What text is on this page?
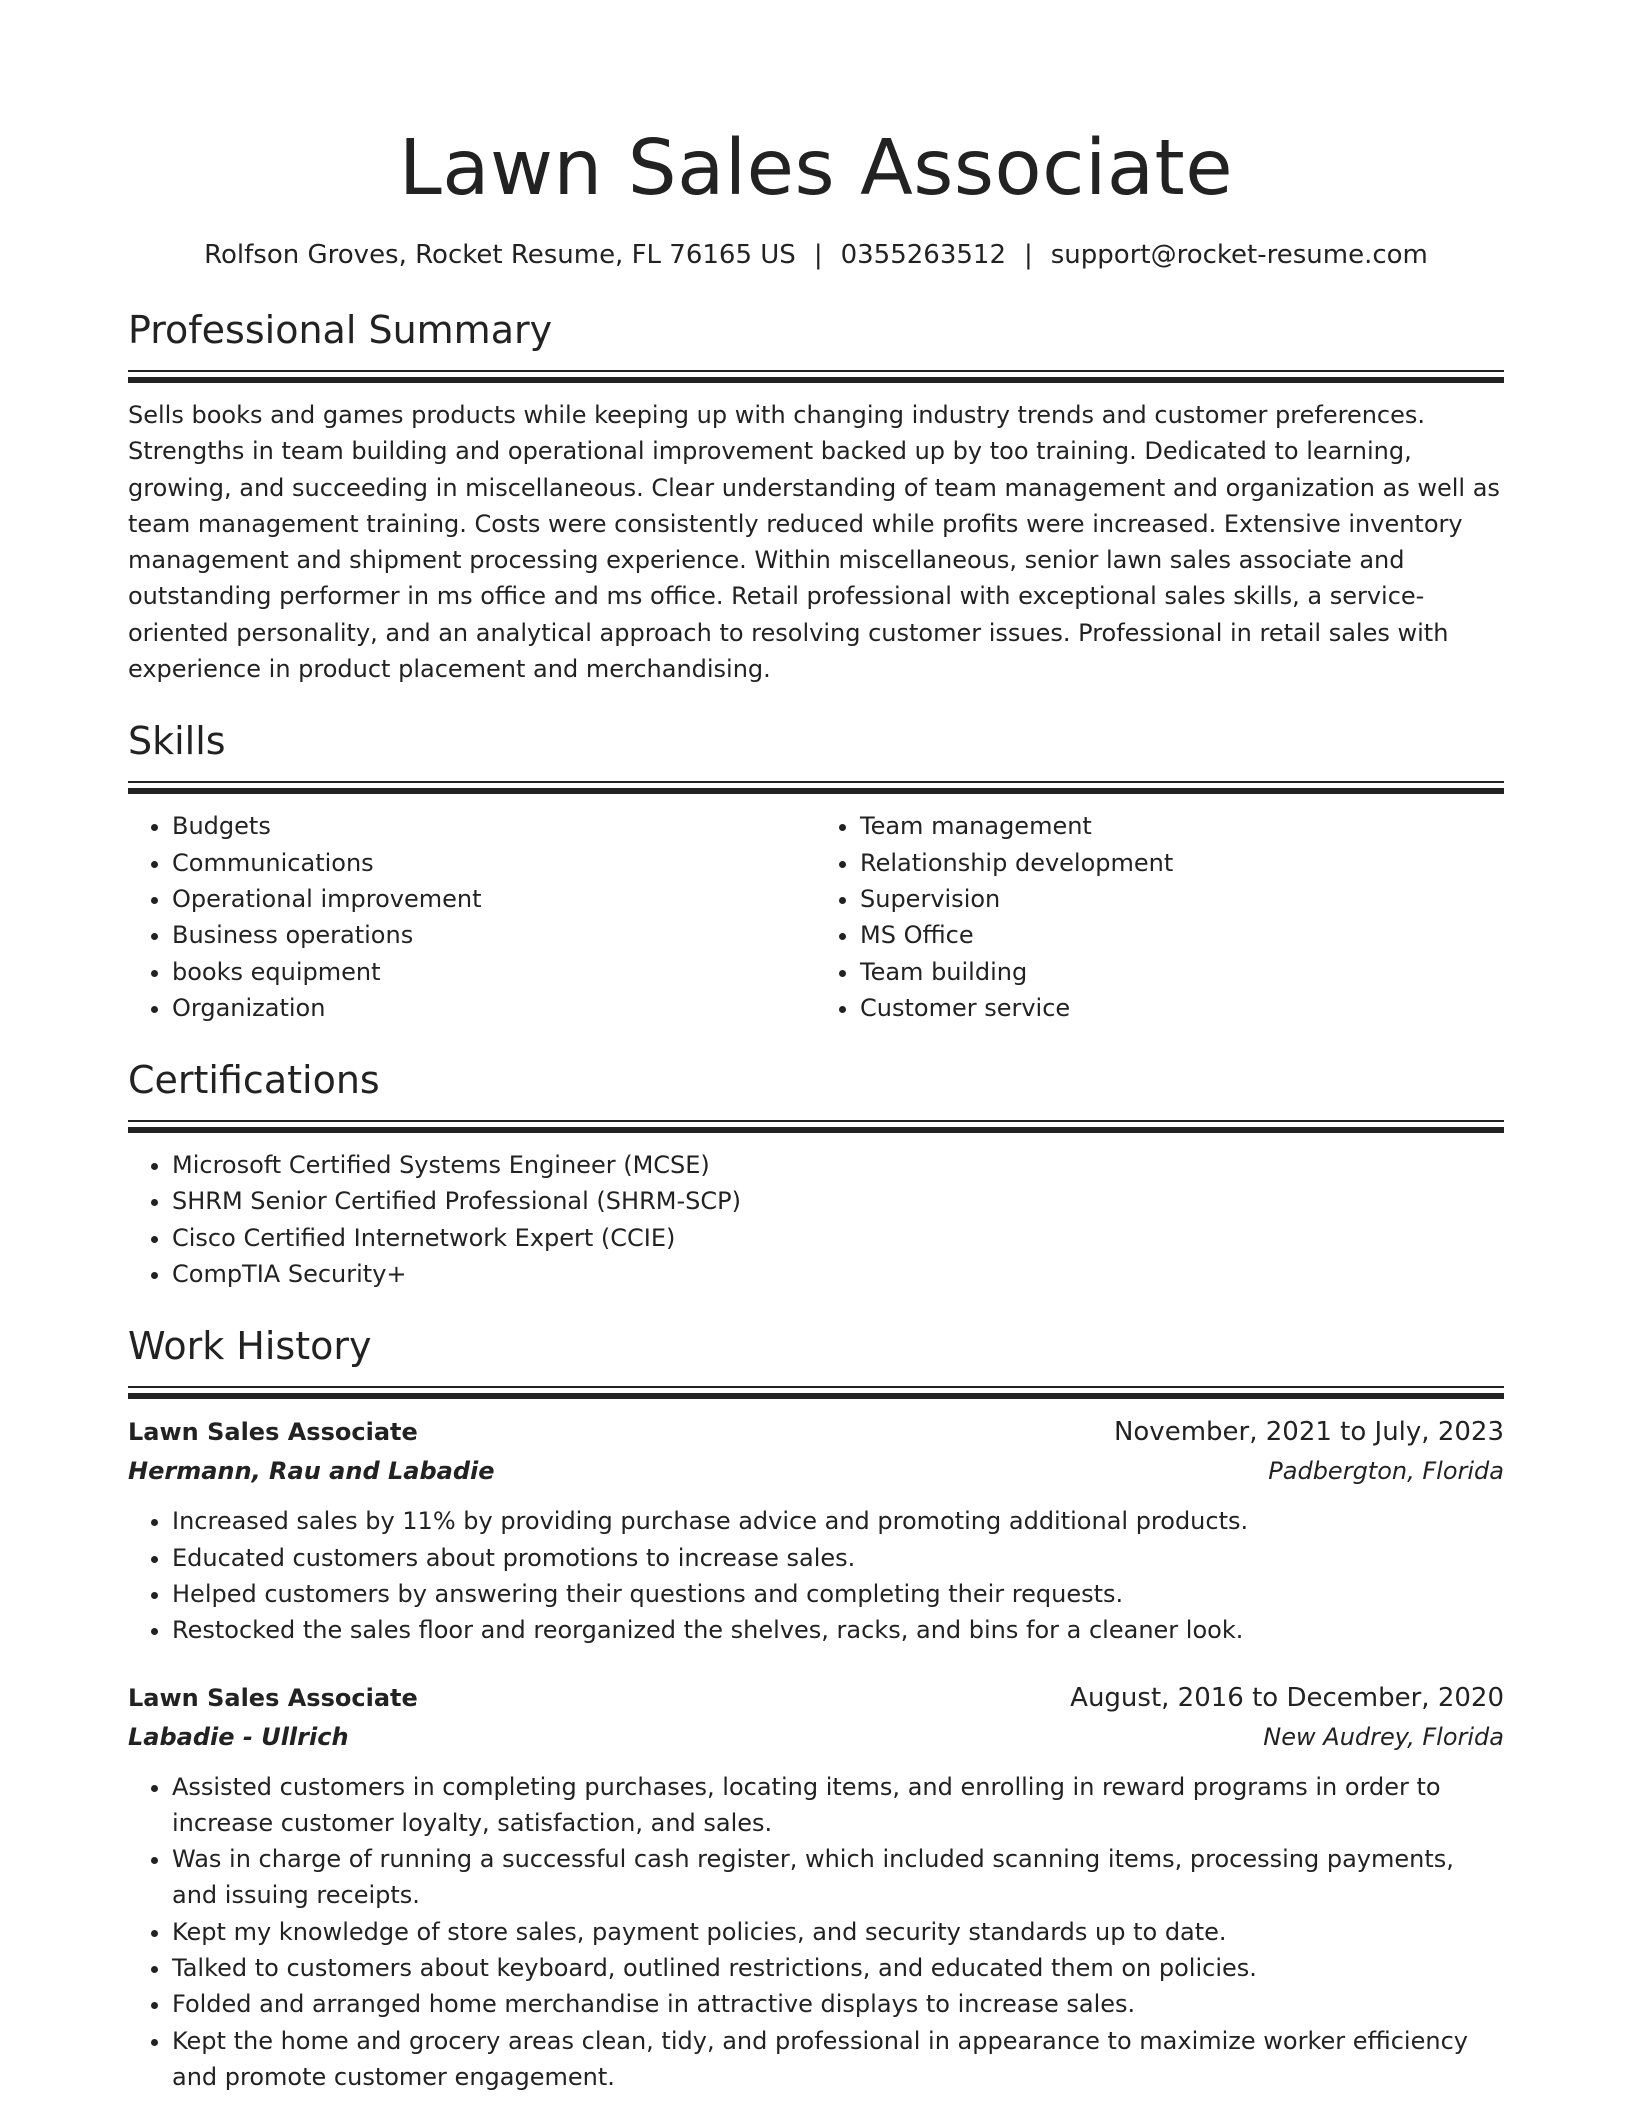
Lawn Sales Associate
Rolfson Groves, Rocket Resume, FL 76165 US | 0355263512 | support@rocket-resume.com
Professional Summary

Sells books and games products while keeping up with changing industry trends and customer preferences. Strengths in team building and operational improvement backed up by too training. Dedicated to learning, growing, and succeeding in miscellaneous. Clear understanding of team management and organization as well as team management training. Costs were consistently reduced while profits were increased. Extensive inventory management and shipment processing experience. Within miscellaneous, senior lawn sales associate and outstanding performer in ms office and ms office. Retail professional with exceptional sales skills, a service-oriented personality, and an analytical approach to resolving customer issues. Professional in retail sales with experience in product placement and merchandising.

Skills
• Budgets
• Communications
• Operational improvement
• Business operations
• books equipment
• Organization
• Team management
• Relationship development
• Supervision
• MS Office
• Team building
• Customer service
Certifications
• Microsoft Certified Systems Engineer (MCSE)
• SHRM Senior Certified Professional (SHRM-SCP)
• Cisco Certified Internetwork Expert (CCIE)
• CompTIA Security+
Work History
Lawn Sales Associate	November, 2021 to July, 2023
Hermann, Rau and Labadie	Padbergton, Florida
• Increased sales by 11% by providing purchase advice and promoting additional products.
• Educated customers about promotions to increase sales.
• Helped customers by answering their questions and completing their requests.
• Restocked the sales floor and reorganized the shelves, racks, and bins for a cleaner look.
Lawn Sales Associate	August, 2016 to December, 2020
Labadie - Ullrich	New Audrey, Florida
• Assisted customers in completing purchases, locating items, and enrolling in reward programs in order to increase customer loyalty, satisfaction, and sales.
• Was in charge of running a successful cash register, which included scanning items, processing payments, and issuing receipts.
• Kept my knowledge of store sales, payment policies, and security standards up to date.
• Talked to customers about keyboard, outlined restrictions, and educated them on policies.
• Folded and arranged home merchandise in attractive displays to increase sales.
• Kept the home and grocery areas clean, tidy, and professional in appearance to maximize worker efficiency and promote customer engagement.
